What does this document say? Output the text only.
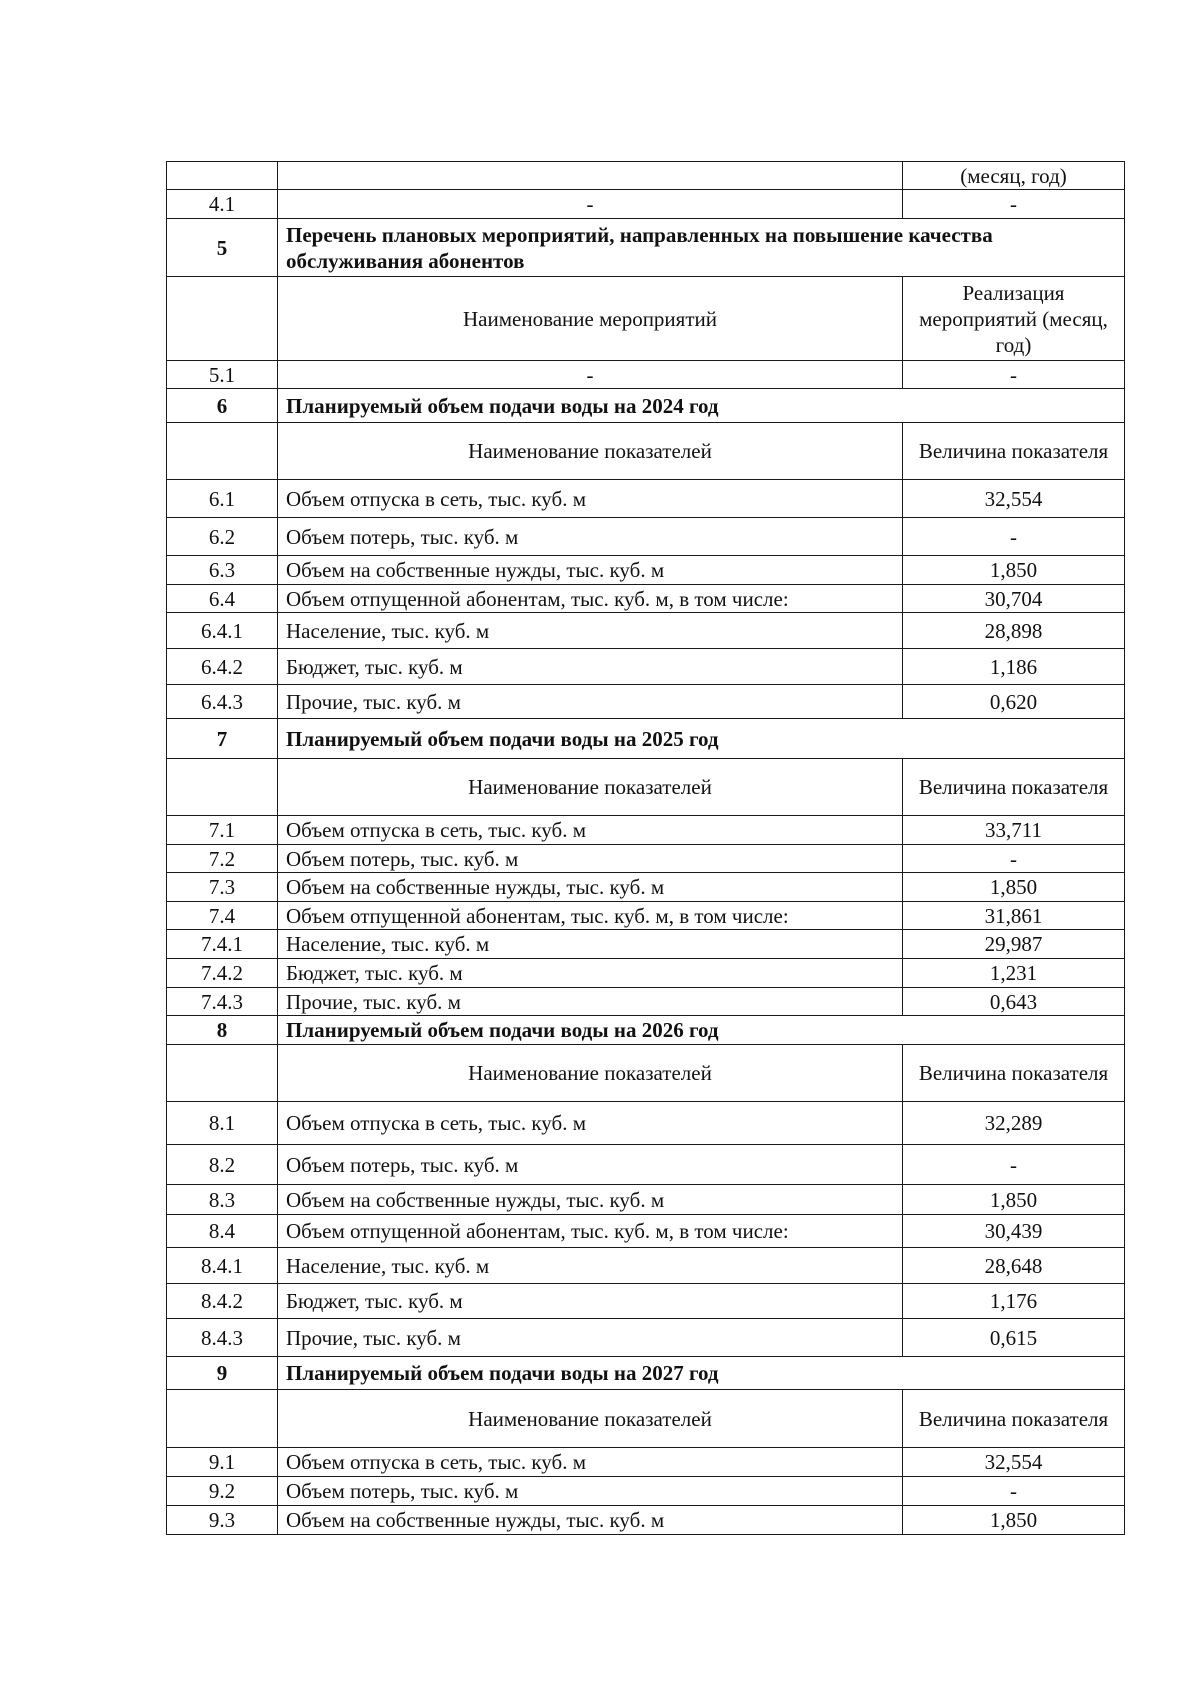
		(месяц, год)
4.1	-	-
5	Перечень плановых мероприятий, направленных на повышение качества обслуживания абонентов	
	Наименование мероприятий	Реализация мероприятий (месяц, год)
5.1	-	-
6	Планируемый объем подачи воды на 2024 год	
	Наименование показателей	Величина показателя
6.1	Объем отпуска в сеть, тыс. куб. м	32,554
6.2	Объем потерь, тыс. куб. м	-
6.3	Объем на собственные нужды, тыс. куб. м	1,850
6.4	Объем отпущенной абонентам, тыс. куб. м, в том числе:	30,704
6.4.1	Население, тыс. куб. м	28,898
6.4.2	Бюджет, тыс. куб. м	1,186
6.4.3	Прочие, тыс. куб. м	0,620
7	Планируемый объем подачи воды на 2025 год	
	Наименование показателей	Величина показателя
7.1	Объем отпуска в сеть, тыс. куб. м	33,711
7.2	Объем потерь, тыс. куб. м	-
7.3	Объем на собственные нужды, тыс. куб. м	1,850
7.4	Объем отпущенной абонентам, тыс. куб. м, в том числе:	31,861
7.4.1	Население, тыс. куб. м	29,987
7.4.2	Бюджет, тыс. куб. м	1,231
7.4.3	Прочие, тыс. куб. м	0,643
8	Планируемый объем подачи воды на 2026 год	
	Наименование показателей	Величина показателя
8.1	Объем отпуска в сеть, тыс. куб. м	32,289
8.2	Объем потерь, тыс. куб. м	-
8.3	Объем на собственные нужды, тыс. куб. м	1,850
8.4	Объем отпущенной абонентам, тыс. куб. м, в том числе:	30,439
8.4.1	Население, тыс. куб. м	28,648
8.4.2	Бюджет, тыс. куб. м	1,176
8.4.3	Прочие, тыс. куб. м	0,615
9	Планируемый объем подачи воды на 2027 год	
	Наименование показателей	Величина показателя
9.1	Объем отпуска в сеть, тыс. куб. м	32,554
9.2	Объем потерь, тыс. куб. м	-
9.3	Объем на собственные нужды, тыс. куб. м	1,850
